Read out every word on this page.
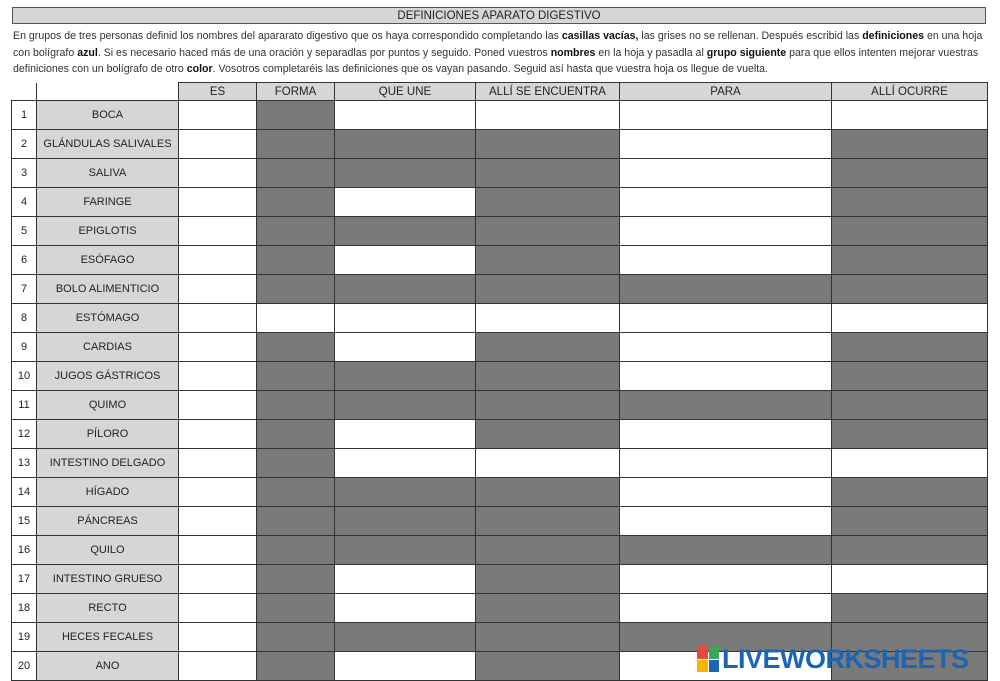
DEFINICIONES APARATO DIGESTIVO
En grupos de tres personas definid los nombres del apararato digestivo que os haya correspondido completando las casillas vacías, las grises no se rellenan. Después escribid las definiciones en una hoja con bolígrafo azul. Si es necesario haced más de una oración y separadlas por puntos y seguido. Poned vuestros nombres en la hoja y pasadla al grupo siguiente para que ellos intenten mejorar vuestras definiciones con un bolígrafo de otro color. Vosotros completaréis las definiciones que os vayan pasando. Seguid así hasta que vuestra hoja os llegue de vuelta.
		ES	FORMA	QUE UNE	ALLÍ SE ENCUENTRA	PARA	ALLÍ OCURRE
1	BOCA						
2	GLÁNDULAS SALIVALES						
3	SALIVA						
4	FARINGE						
5	EPIGLOTIS						
6	ESÓFAGO						
7	BOLO ALIMENTICIO						
8	ESTÓMAGO						
9	CARDIAS						
10	JUGOS GÁSTRICOS						
11	QUIMO						
12	PÍLORO						
13	INTESTINO DELGADO						
14	HÍGADO						
15	PÁNCREAS						
16	QUILO						
17	INTESTINO GRUESO						
18	RECTO						
19	HECES FECALES						
20	ANO							LIVEWORKSHEETS
